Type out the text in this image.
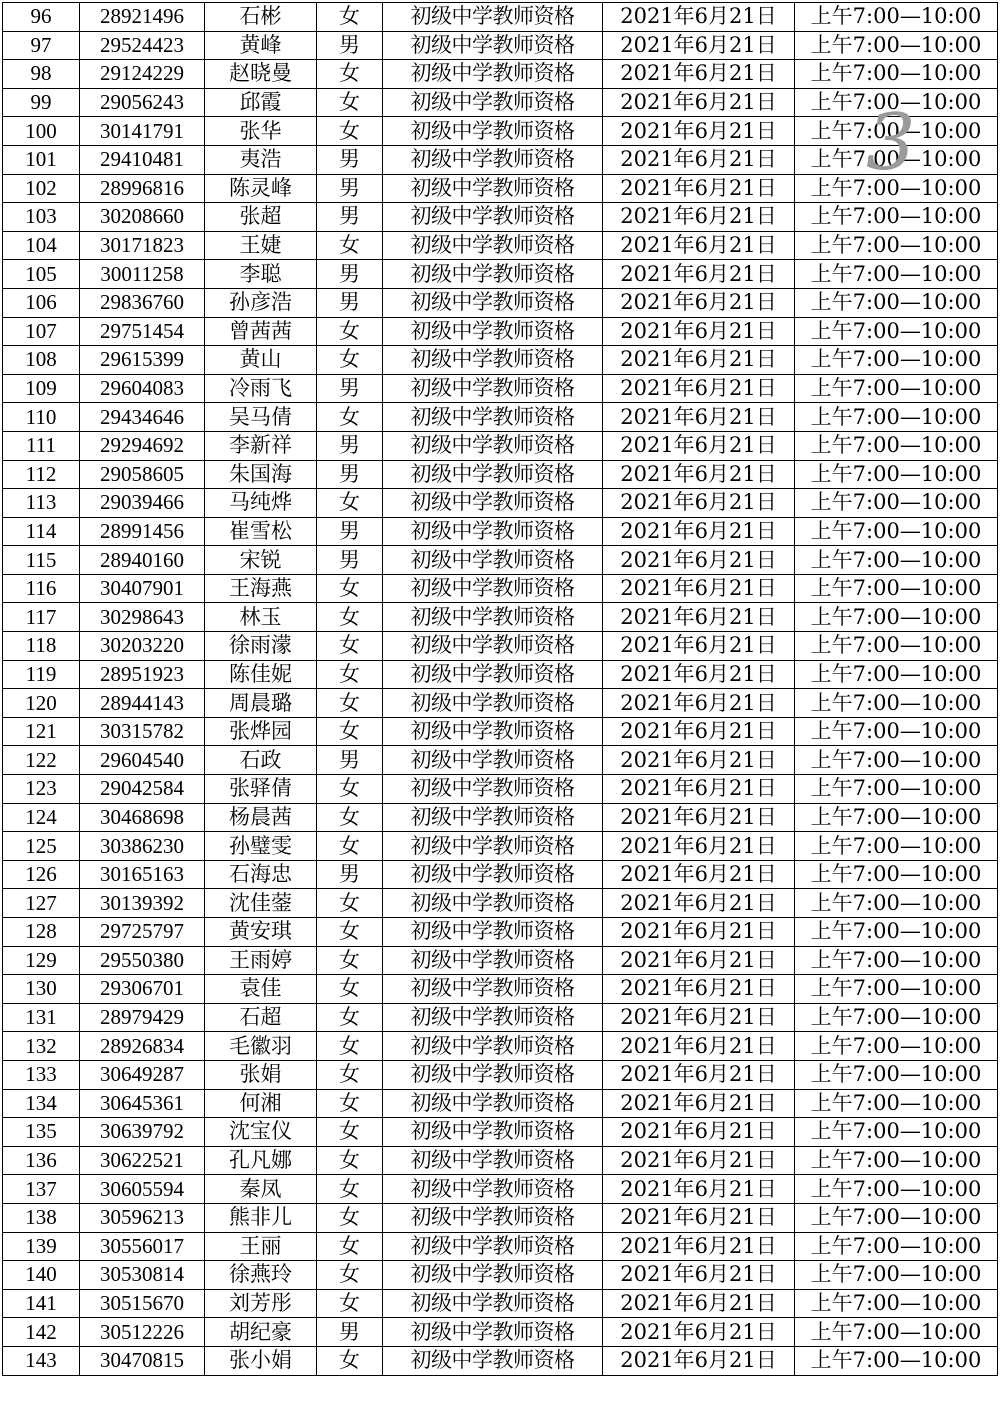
96	28921496	石彬	女	初级中学教师资格	2021年6月21日	上午7:00—10:00
97	29524423	黄峰	男	初级中学教师资格	2021年6月21日	上午7:00—10:00
98	29124229	赵晓曼	女	初级中学教师资格	2021年6月21日	上午7:00—10:00
99	29056243	邱霞	女	初级中学教师资格	2021年6月21日	上午7:00—10:00
100	30141791	张华	女	初级中学教师资格	2021年6月21日	上午7:00—10:00
101	29410481	夷浩	男	初级中学教师资格	2021年6月21日	上午7:00—10:00
102	28996816	陈灵峰	男	初级中学教师资格	2021年6月21日	上午7:00—10:00
103	30208660	张超	男	初级中学教师资格	2021年6月21日	上午7:00—10:00
104	30171823	王婕	女	初级中学教师资格	2021年6月21日	上午7:00—10:00
105	30011258	李聪	男	初级中学教师资格	2021年6月21日	上午7:00—10:00
106	29836760	孙彦浩	男	初级中学教师资格	2021年6月21日	上午7:00—10:00
107	29751454	曾茜茜	女	初级中学教师资格	2021年6月21日	上午7:00—10:00
108	29615399	黄山	女	初级中学教师资格	2021年6月21日	上午7:00—10:00
109	29604083	冷雨飞	男	初级中学教师资格	2021年6月21日	上午7:00—10:00
110	29434646	吴马倩	女	初级中学教师资格	2021年6月21日	上午7:00—10:00
111	29294692	李新祥	男	初级中学教师资格	2021年6月21日	上午7:00—10:00
112	29058605	朱国海	男	初级中学教师资格	2021年6月21日	上午7:00—10:00
113	29039466	马纯烨	女	初级中学教师资格	2021年6月21日	上午7:00—10:00
114	28991456	崔雪松	男	初级中学教师资格	2021年6月21日	上午7:00—10:00
115	28940160	宋锐	男	初级中学教师资格	2021年6月21日	上午7:00—10:00
116	30407901	王海燕	女	初级中学教师资格	2021年6月21日	上午7:00—10:00
117	30298643	林玉	女	初级中学教师资格	2021年6月21日	上午7:00—10:00
118	30203220	徐雨濛	女	初级中学教师资格	2021年6月21日	上午7:00—10:00
119	28951923	陈佳妮	女	初级中学教师资格	2021年6月21日	上午7:00—10:00
120	28944143	周晨璐	女	初级中学教师资格	2021年6月21日	上午7:00—10:00
121	30315782	张烨园	女	初级中学教师资格	2021年6月21日	上午7:00—10:00
122	29604540	石政	男	初级中学教师资格	2021年6月21日	上午7:00—10:00
123	29042584	张驿倩	女	初级中学教师资格	2021年6月21日	上午7:00—10:00
124	30468698	杨晨茜	女	初级中学教师资格	2021年6月21日	上午7:00—10:00
125	30386230	孙璧雯	女	初级中学教师资格	2021年6月21日	上午7:00—10:00
126	30165163	石海忠	男	初级中学教师资格	2021年6月21日	上午7:00—10:00
127	30139392	沈佳蓥	女	初级中学教师资格	2021年6月21日	上午7:00—10:00
128	29725797	黄安琪	女	初级中学教师资格	2021年6月21日	上午7:00—10:00
129	29550380	王雨婷	女	初级中学教师资格	2021年6月21日	上午7:00—10:00
130	29306701	袁佳	女	初级中学教师资格	2021年6月21日	上午7:00—10:00
131	28979429	石超	女	初级中学教师资格	2021年6月21日	上午7:00—10:00
132	28926834	毛徽羽	女	初级中学教师资格	2021年6月21日	上午7:00—10:00
133	30649287	张娟	女	初级中学教师资格	2021年6月21日	上午7:00—10:00
134	30645361	何湘	女	初级中学教师资格	2021年6月21日	上午7:00—10:00
135	30639792	沈宝仪	女	初级中学教师资格	2021年6月21日	上午7:00—10:00
136	30622521	孔凡娜	女	初级中学教师资格	2021年6月21日	上午7:00—10:00
137	30605594	秦凤	女	初级中学教师资格	2021年6月21日	上午7:00—10:00
138	30596213	熊非儿	女	初级中学教师资格	2021年6月21日	上午7:00—10:00
139	30556017	王丽	女	初级中学教师资格	2021年6月21日	上午7:00—10:00
140	30530814	徐燕玲	女	初级中学教师资格	2021年6月21日	上午7:00—10:00
141	30515670	刘芳彤	女	初级中学教师资格	2021年6月21日	上午7:00—10:00
142	30512226	胡纪豪	男	初级中学教师资格	2021年6月21日	上午7:00—10:00
143	30470815	张小娟	女	初级中学教师资格	2021年6月21日	上午7:00—10:00
3
